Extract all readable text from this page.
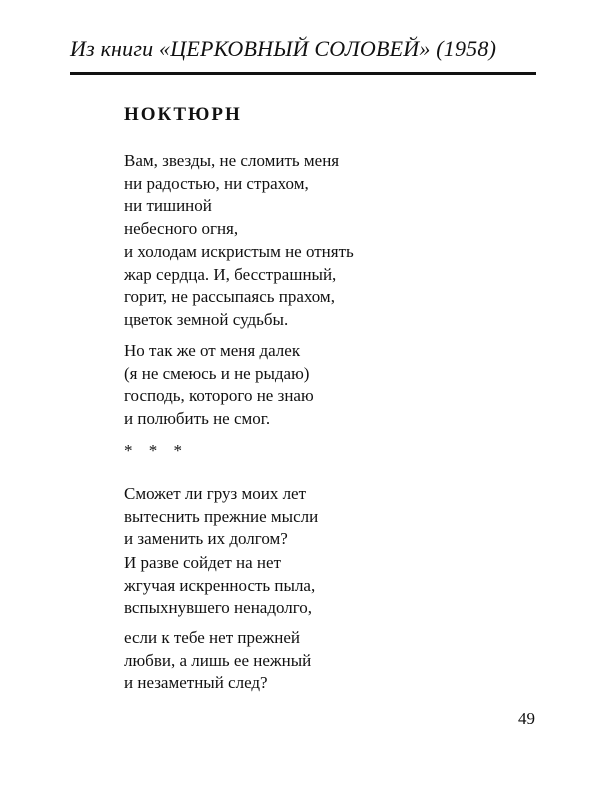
Из книги «ЦЕРКОВНЫЙ СОЛОВЕЙ» (1958)
НОКТЮРН
Вам, звезды, не сломить меня
ни радостью, ни страхом,
ни тишиной
небесного огня,
и холодам искристым не отнять
жар сердца. И, бесстрашный,
горит, не рассыпаясь прахом,
цветок земной судьбы.
Но так же от меня далек
(я не смеюсь и не рыдаю)
господь, которого не знаю
и полюбить не смог.
* * *
Сможет ли груз моих лет
вытеснить прежние мысли
и заменить их долгом?
И разве сойдет на нет
жгучая искренность пыла,
вспыхнувшего ненадолго,
если к тебе нет прежней
любви, а лишь ее нежный
и незаметный след?
49
